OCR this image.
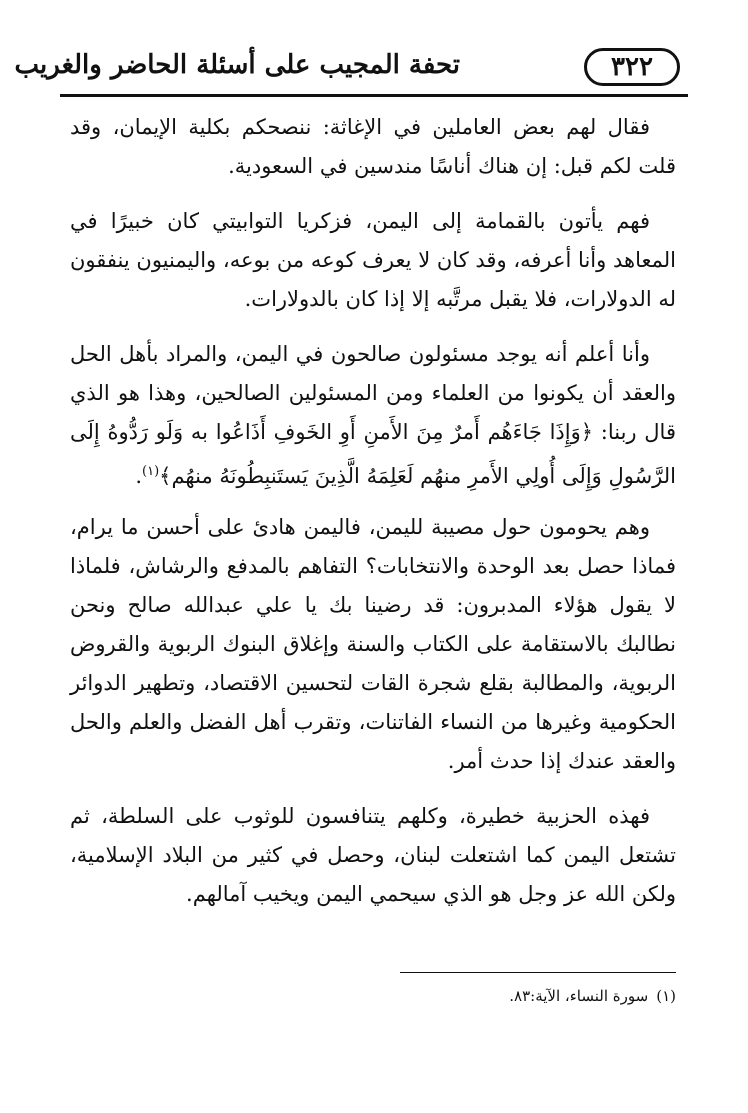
تحفة المجيب على أسئلة الحاضر والغريب	٣٢٢

فقال لهم بعض العاملين في الإغاثة: ننصحكم بكلية الإيمان، وقد قلت لكم قبل: إن هناك أناسًا مندسين في السعودية.

فهم يأتون بالقمامة إلى اليمن، فزكريا التوابيتي كان خبيرًا في المعاهد وأنا أعرفه، وقد كان لا يعرف كوعه من بوعه، واليمنيون ينفقون له الدولارات، فلا يقبل مرتَّبه إلا إذا كان بالدولارات.

وأنا أعلم أنه يوجد مسئولون صالحون في اليمن، والمراد بأهل الحل والعقد أن يكونوا من العلماء ومن المسئولين الصالحين، وهذا هو الذي قال ربنا: ﴿وَإِذَا جَاءَهُم أَمرٌ مِنَ الأَمنِ أَوِ الخَوفِ أَذَاعُوا به وَلَو رَدُّوهُ إِلَى الرَّسُولِ وَإِلَى أُولِي الأَمرِ منهُم لَعَلِمَهُ الَّذِينَ يَستَنبِطُونَهُ منهُم﴾$^{(١)}$.

وهم يحومون حول مصيبة لليمن، فاليمن هادئ على أحسن ما يرام، فماذا حصل بعد الوحدة والانتخابات؟ التفاهم بالمدفع والرشاش، فلماذا لا يقول هؤلاء المدبرون: قد رضينا بك يا علي عبدالله صالح ونحن نطالبك بالاستقامة على الكتاب والسنة وإغلاق البنوك الربوية والقروض الربوية، والمطالبة بقلع شجرة القات لتحسين الاقتصاد، وتطهير الدوائر الحكومية وغيرها من النساء الفاتنات، وتقرب أهل الفضل والعلم والحل والعقد عندك إذا حدث أمر.

فهذه الحزبية خطيرة، وكلهم يتنافسون للوثوب على السلطة، ثم تشتعل اليمن كما اشتعلت لبنان، وحصل في كثير من البلاد الإسلامية، ولكن الله عز وجل هو الذي سيحمي اليمن ويخيب آمالهم.

(١)سورة النساء، الآية:٨٣.
